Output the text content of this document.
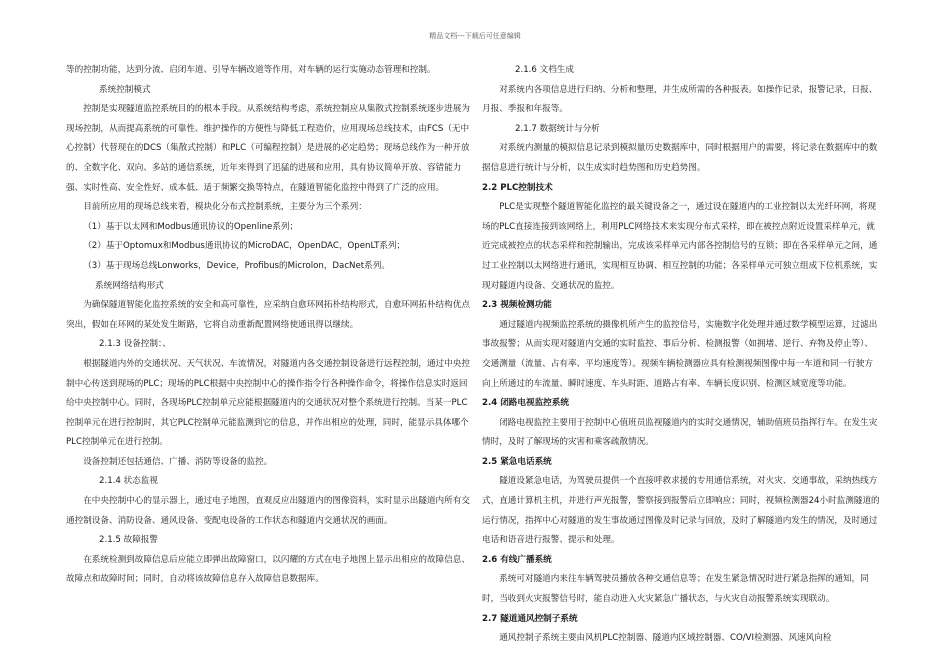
精品文档---下载后可任意编辑

等的控制功能，达到分流、启闭车道、引导车辆改道等作用，对车辆的运行实施动态管理和控制。

系统控制模式

控制是实现隧道监控系统目的的根本手段。从系统结构考虑，系统控制应从集散式控制系统逐步进展为现场控制，从而提高系统的可靠性、维护操作的方便性与降低工程造价，应用现场总线技术，由FCS（无中心控制）代替现在的DCS（集散式控制）和PLC（可编程控制）是进展的必定趋势；现场总线作为一种开放的、全数字化、双向、多站的通信系统，近年来得到了迅猛的进展和应用，具有协议简单开放、容错能力强、实时性高、安全性好、成本低、适于频繁交换等特点，在隧道智能化监控中得到了广泛的应用。

目前所应用的现场总线来看，模块化分布式控制系统，主要分为三个系列：

（1）基于以太网和Modbus通讯协议的Openline系列；

（2）基于Optomux和Modbus通讯协议的MicroDAC，OpenDAC，OpenLT系列；

（3）基于现场总线Lonworks，Device，Profibus的Microlon，DacNet系列。

系统网络结构形式

为确保隧道智能化监控系统的安全和高可靠性，应采纳自愈环网拓朴结构形式，自愈环网拓朴结构优点突出，假如在环网的某处发生断路，它将自动重新配置网络使通讯得以继续。

2.1.3 设备控制：、

根据隧道内外的交通状况、天气状况、车流情况，对隧道内各交通控制设备进行远程控制，通过中央控制中心传送到现场的PLC；现场的PLC根据中央控制中心的操作指令行各种操作命令，将操作信息实时返回给中央控制中心。同时，各现场PLC控制单元应能根据隧道内的交通状况对整个系统进行控制。当某一PLC控制单元在进行控制时，其它PLC控制单元能监测到它的信息，并作出相应的处理，同时，能显示具体哪个PLC控制单元在进行控制。

设备控制还包括通信、广播、消防等设备的监控。

2.1.4 状态监视

在中央控制中心的显示器上，通过电子地图，直观反应出隧道内的图像资料，实时显示出隧道内所有交通控制设备、消防设备、通风设备、变配电设备的工作状态和隧道内交通状况的画面。

2.1.5 故障报警

在系统检测到故障信息后应能立即弹出故障窗口，以闪耀的方式在电子地图上显示出相应的故障信息、故障点和故障时间；同时，自动将该故障信息存入故障信息数据库。

2.1.6 文档生成

对系统内各项信息进行归纳、分析和整理，并生成所需的各种报表。如操作记录，报警记录，日报、月报、季报和年报等。

2.1.7 数据统计与分析

对系统内测量的模拟信息记录到模拟量历史数据库中，同时根据用户的需要，将记录在数据库中的数据信息进行统计与分析，以生成实时趋势图和历史趋势图。

2.2 PLC控制技术

PLC是实现整个隧道智能化监控的最关键设备之一，通过设在隧道内的工业控制以太光纤环网，将现场的PLC直接连接到该网络上，利用PLC网络技术来实现分布式采样，即在被控点附近设置采样单元，就近完成被控点的状态采样和控制输出，完成该采样单元内部各控制信号的互锁；即在各采样单元之间，通过工业控制以太网络进行通讯，实现相互协调、相互控制的功能；各采样单元可独立组成下位机系统，实现对隧道内设备、交通状况的监控。

2.3 视频检测功能

通过隧道内视频监控系统的摄像机所产生的监控信号，实施数字化处理并通过数学模型运算，过滤出事故报警；从而实现对隧道内交通的实时监控、事后分析、检测报警（如拥堵、逆行、弃物及停止等）、交通测量（流量、占有率、平均速度等）。视频车辆检测器应具有检测视频图像中每一车道和同一行驶方向上所通过的车流量、瞬时速度、车头时距、道路占有率、车辆长度识别、检测区域宽度等功能。

2.4 闭路电视监控系统

闭路电视监控主要用于控制中心值班员监视隧道内的实时交通情况，辅助值班员指挥行车。在发生灾情时，及时了解现场的灾害和乘客疏散情况。

2.5 紧急电话系统

隧道设紧急电话，为驾驶员提供一个直接呼救求援的专用通信系统，对火灾、交通事故，采纳热线方式，直通计算机主机，并进行声光报警，警察接到报警后立即响应；同时，视频检测器24小时监测隧道的运行情况，指挥中心对隧道的发生事故通过图像及时记录与回放，及时了解隧道内发生的情况，及时通过电话和语音进行报警、提示和处理。

2.6 有线广播系统

系统可对隧道内来往车辆驾驶员播放各种交通信息等；在发生紧急情况时进行紧急指挥的通知，同时，当收到火灾报警信号时，能自动进入火灾紧急广播状态，与火灾自动报警系统实现联动。

2.7 隧道通风控制子系统

通风控制子系统主要由风机PLC控制器、隧道内区域控制器、CO/VI检测器、风速风向检
